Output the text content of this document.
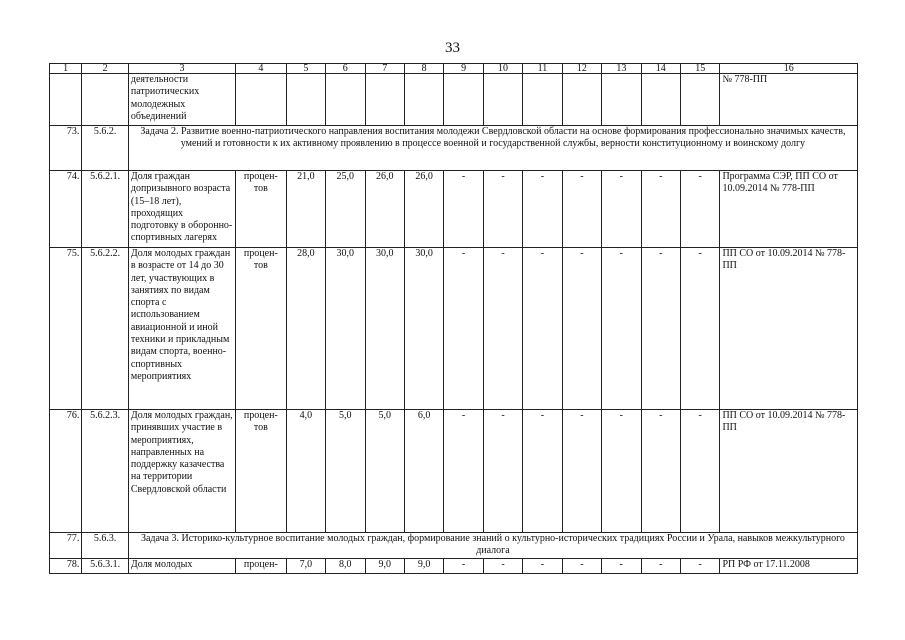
33
1	2	3	4	5	6	7	8	9	10	11	12	13	14	15	16
		деятельности патриотических молодежных объединений													№ 778-ПП
73.	5.6.2.	Задача 2. Развитие военно-патриотического направления воспитания молодежи Свердловской области на основе формирования профессионально значимых качеств, умений и готовности к их активному проявлению в процессе военной и государственной службы, верности конституционному и воинскому долгу													
74.	5.6.2.1.	Доля граждан допризывного возраста (15–18 лет), проходящих подготовку в оборонно-спортивных лагерях	процен-тов	21,0	25,0	26,0	26,0	-	-	-	-	-	-	-	Программа СЭР, ПП СО от 10.09.2014 № 778-ПП
75.	5.6.2.2.	Доля молодых граждан в возрасте от 14 до 30 лет, участвующих в занятиях по видам спорта с использованием авиационной и иной техники и прикладным видам спорта, военно-спортивных мероприятиях	процен-тов	28,0	30,0	30,0	30,0	-	-	-	-	-	-	-	ПП СО от 10.09.2014 № 778-ПП
76.	5.6.2.3.	Доля молодых граждан, принявших участие в мероприятиях, направленных на поддержку казачества на территории Свердловской области	процен-тов	4,0	5,0	5,0	6,0	-	-	-	-	-	-	-	ПП СО от 10.09.2014 № 778-ПП
77.	5.6.3.	Задача 3. Историко-культурное воспитание молодых граждан, формирование знаний о культурно-исторических традициях России и Урала, навыков межкультурного диалога													
78.	5.6.3.1.	Доля молодых	процен-	7,0	8,0	9,0	9,0	-	-	-	-	-	-	-	РП РФ от 17.11.2008
